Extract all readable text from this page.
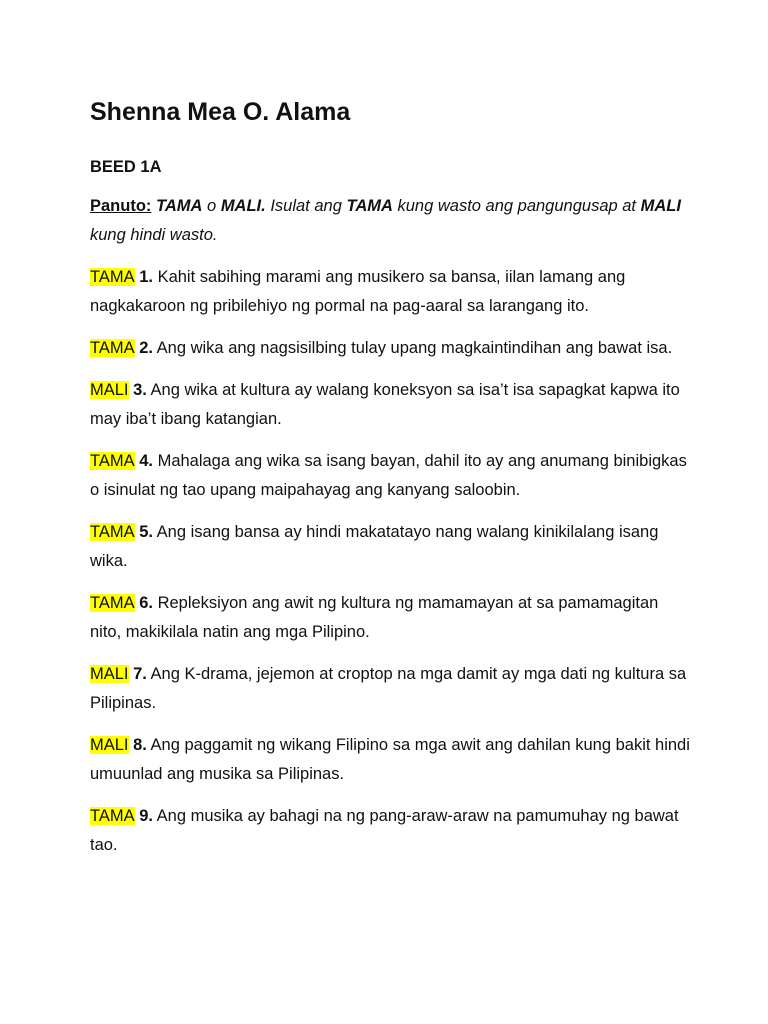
Shenna Mea O. Alama
BEED 1A

Panuto: TAMA o MALI. Isulat ang TAMA kung wasto ang pangungusap at MALI kung hindi wasto.

TAMA 1. Kahit sabihing marami ang musikero sa bansa, iilan lamang ang nagkakaroon ng pribilehiyo ng pormal na pag-aaral sa larangang ito.

TAMA 2. Ang wika ang nagsisilbing tulay upang magkaintindihan ang bawat isa.

MALI 3. Ang wika at kultura ay walang koneksyon sa isa’t isa sapagkat kapwa ito may iba’t ibang katangian.

TAMA 4. Mahalaga ang wika sa isang bayan, dahil ito ay ang anumang binibigkas o isinulat ng tao upang maipahayag ang kanyang saloobin.

TAMA 5. Ang isang bansa ay hindi makatatayo nang walang kinikilalang isang wika.

TAMA 6. Repleksiyon ang awit ng kultura ng mamamayan at sa pamamagitan nito, makikilala natin ang mga Pilipino.

MALI 7. Ang K-drama, jejemon at croptop na mga damit ay mga dati ng kultura sa Pilipinas.

MALI 8. Ang paggamit ng wikang Filipino sa mga awit ang dahilan kung bakit hindi umuunlad ang musika sa Pilipinas.

TAMA 9. Ang musika ay bahagi na ng pang-araw-araw na pamumuhay ng bawat tao.
